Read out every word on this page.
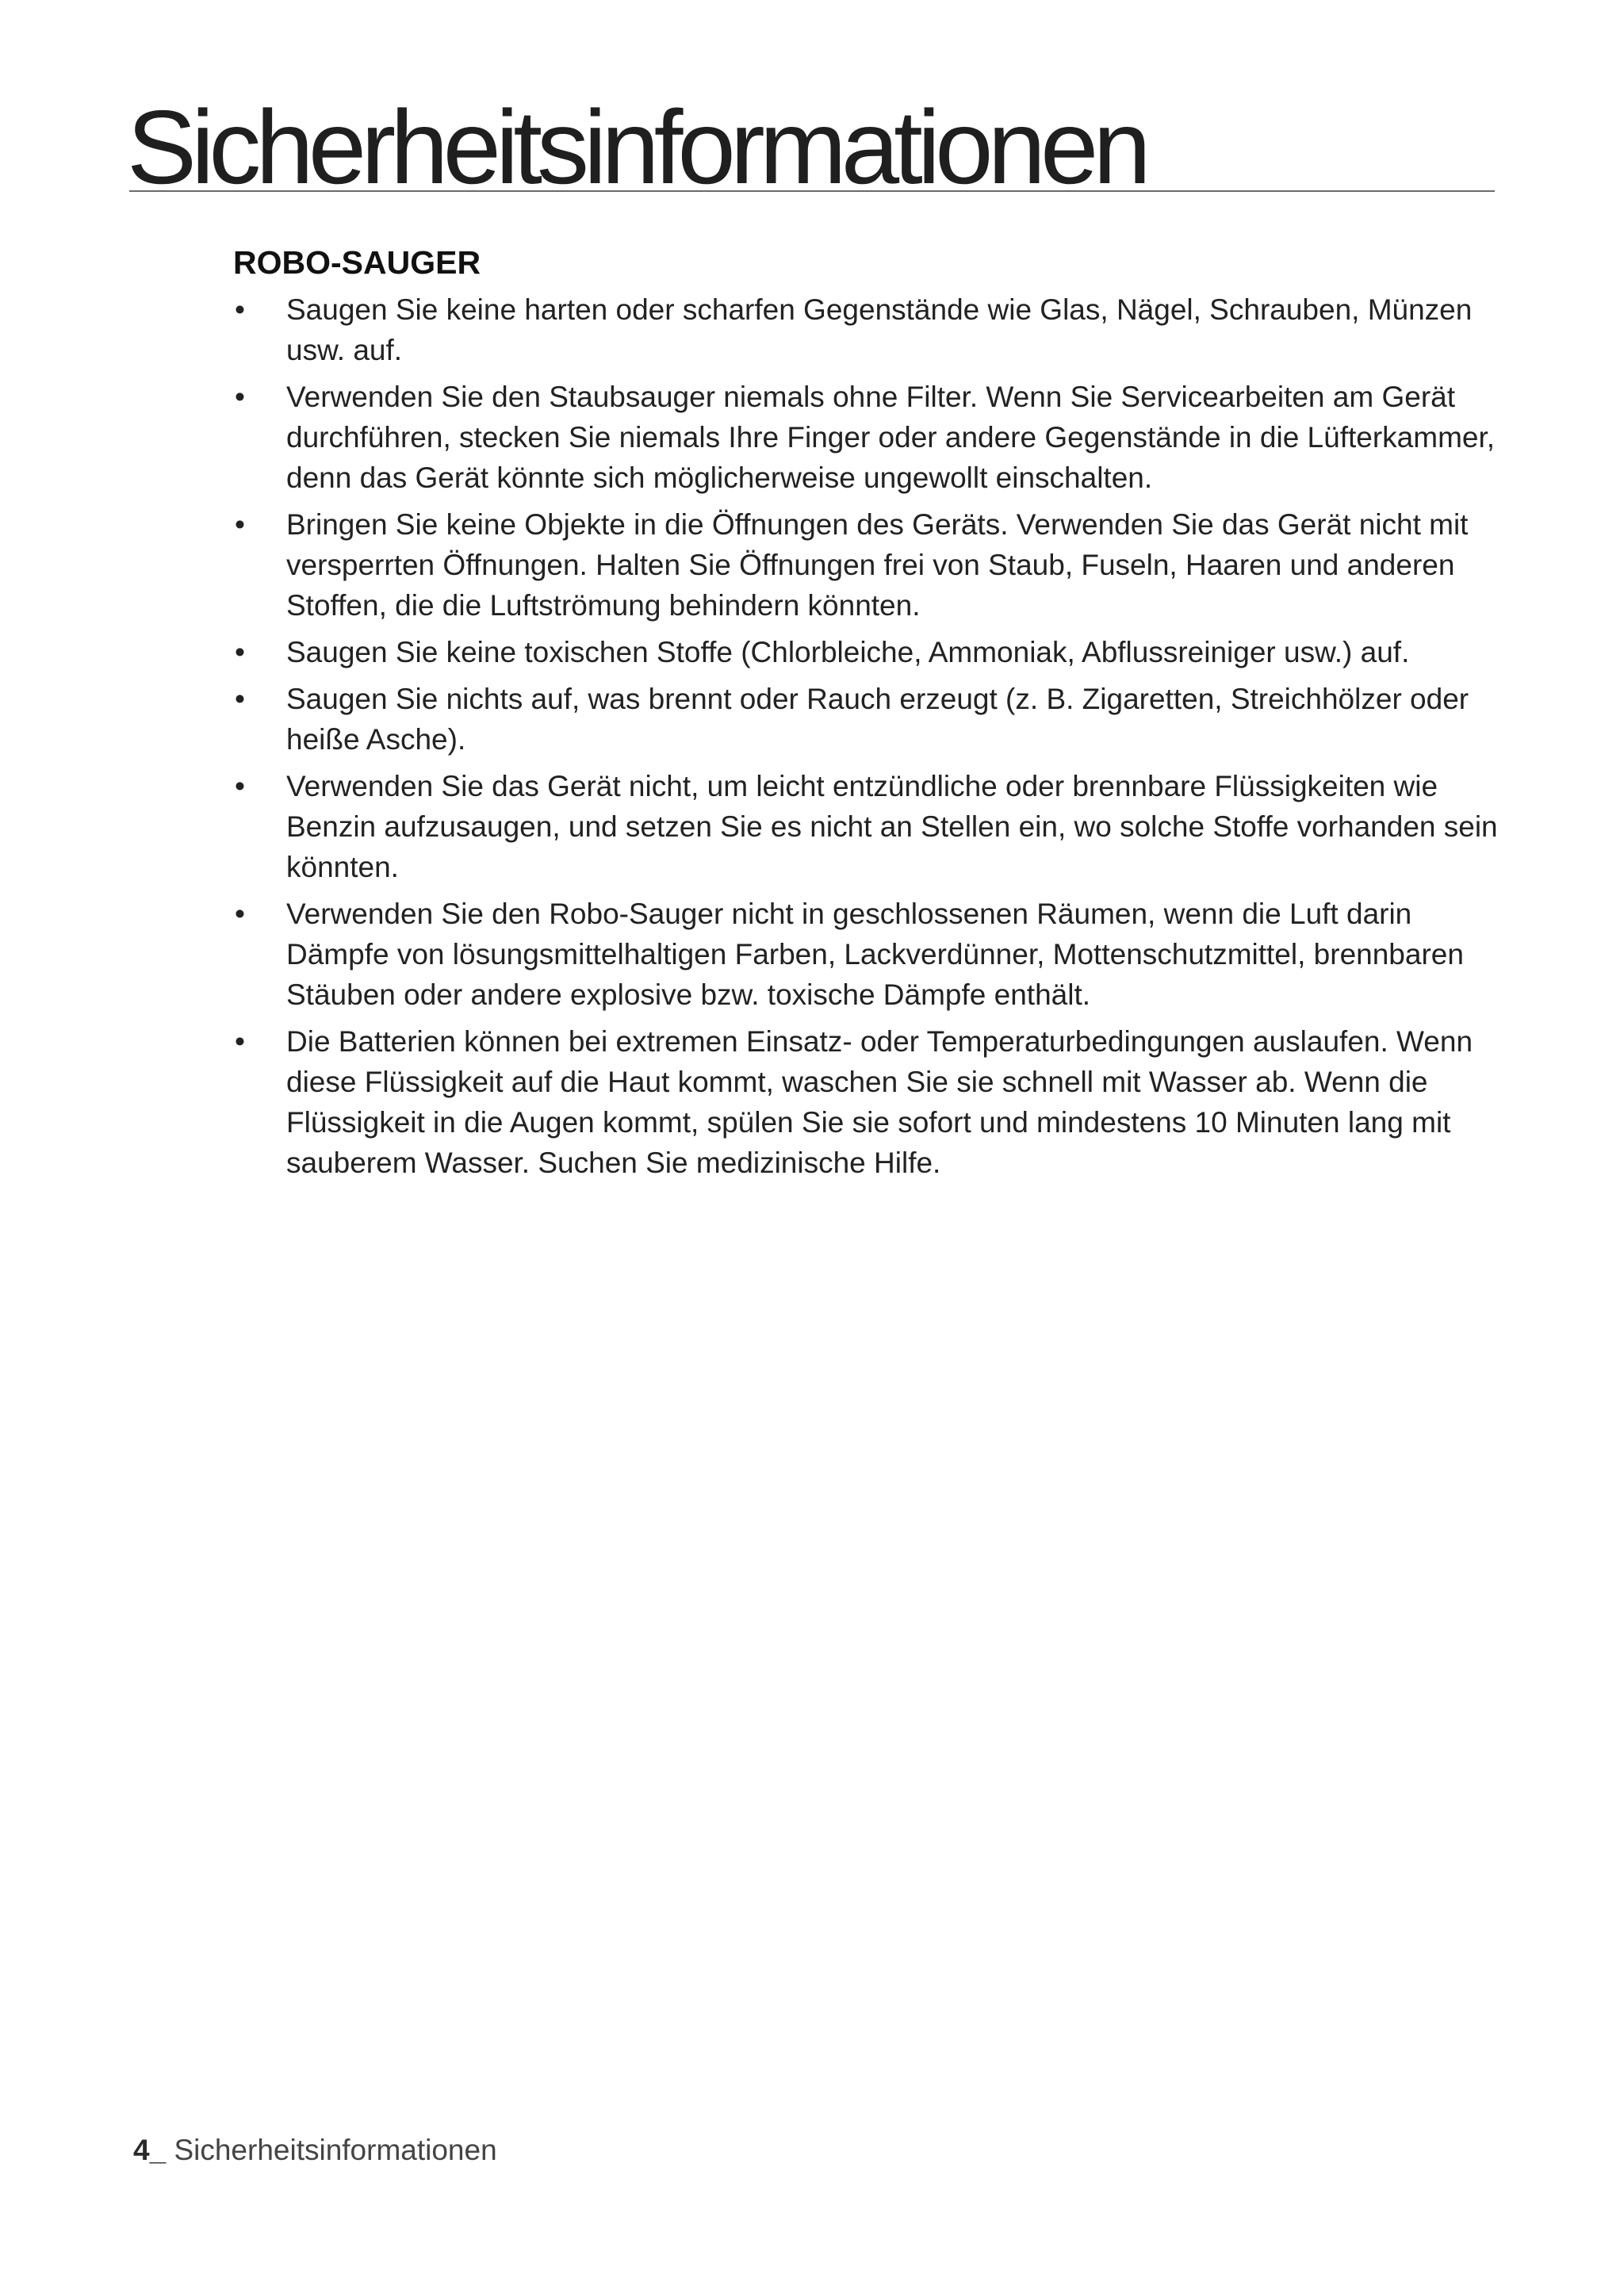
Sicherheitsinformationen
ROBO-SAUGER
• Saugen Sie keine harten oder scharfen Gegenstände wie Glas, Nägel, Schrauben, Münzen usw. auf.
• Verwenden Sie den Staubsauger niemals ohne Filter. Wenn Sie Servicearbeiten am Gerät durchführen, stecken Sie niemals Ihre Finger oder andere Gegenstände in die Lüfterkammer, denn das Gerät könnte sich möglicherweise ungewollt einschalten.
• Bringen Sie keine Objekte in die Öffnungen des Geräts. Verwenden Sie das Gerät nicht mit versperrten Öffnungen. Halten Sie Öffnungen frei von Staub, Fuseln, Haaren und anderen Stoffen, die die Luftströmung behindern könnten.
• Saugen Sie keine toxischen Stoffe (Chlorbleiche, Ammoniak, Abflussreiniger usw.) auf.
• Saugen Sie nichts auf, was brennt oder Rauch erzeugt (z. B. Zigaretten, Streichhölzer oder heiße Asche).
• Verwenden Sie das Gerät nicht, um leicht entzündliche oder brennbare Flüssigkeiten wie Benzin aufzusaugen, und setzen Sie es nicht an Stellen ein, wo solche Stoffe vorhanden sein könnten.
• Verwenden Sie den Robo-Sauger nicht in geschlossenen Räumen, wenn die Luft darin Dämpfe von lösungsmittelhaltigen Farben, Lackverdünner, Mottenschutzmittel, brennbaren Stäuben oder andere explosive bzw. toxische Dämpfe enthält.
• Die Batterien können bei extremen Einsatz- oder Temperaturbedingungen auslaufen. Wenn diese Flüssigkeit auf die Haut kommt, waschen Sie sie schnell mit Wasser ab. Wenn die Flüssigkeit in die Augen kommt, spülen Sie sie sofort und mindestens 10 Minuten lang mit sauberem Wasser. Suchen Sie medizinische Hilfe.
4_ Sicherheitsinformationen
